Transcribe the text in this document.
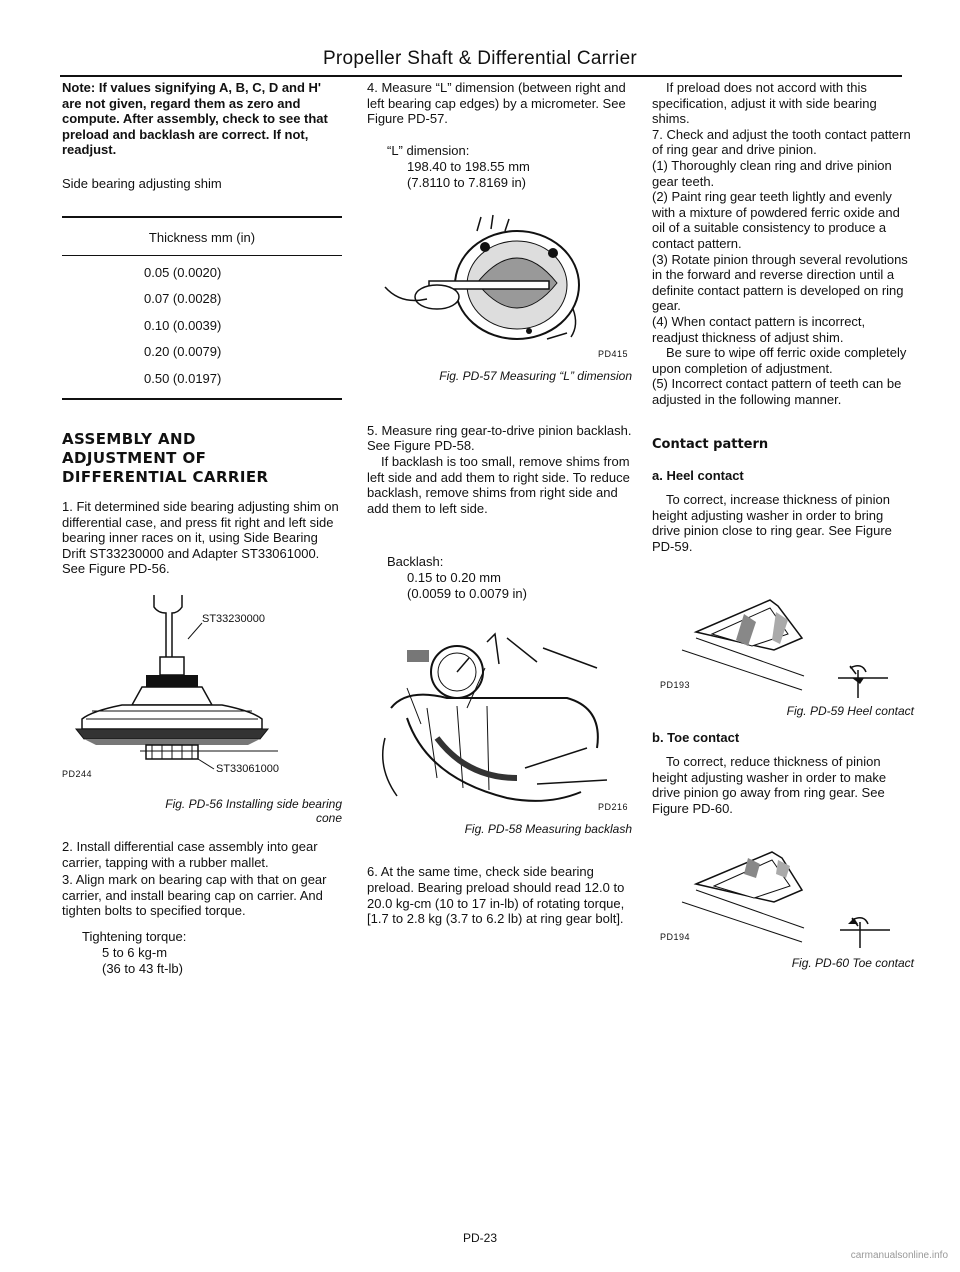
Propeller Shaft & Differential Carrier

Note: If values signifying A, B, C, D and H' are not given, regard them as zero and compute. After assembly, check to see that preload and backlash are correct. If not, readjust.

Side bearing adjusting shim

Thickness mm (in)
0.05 (0.0020)
0.07 (0.0028)
0.10 (0.0039)
0.20 (0.0079)
0.50 (0.0197)
ASSEMBLY AND
ADJUSTMENT OF
DIFFERENTIAL CARRIER

1. Fit determined side bearing adjusting shim on differential case, and press fit right and left side bearing inner races on it, using Side Bearing Drift ST33230000 and Adapter ST33061000. See Figure PD-56.

ST33230000
ST33061000
PD244
Fig. PD-56 Installing side bearing
cone

2. Install differential case assembly into gear carrier, tapping with a rubber mallet.

3. Align mark on bearing cap with that on gear carrier, and install bearing cap on carrier. And tighten bolts to specified torque.

Tightening torque:
5 to 6 kg-m
(36 to 43 ft-lb)

4. Measure “L” dimension (between right and left bearing cap edges) by a micrometer. See Figure PD-57.

“L” dimension:
198.40 to 198.55 mm
(7.8110 to 7.8169 in)
PD415
Fig. PD-57 Measuring “L” dimension

5. Measure ring gear-to-drive pinion backlash. See Figure PD-58.

If backlash is too small, remove shims from left side and add them to right side. To reduce backlash, remove shims from right side and add them to left side.

Backlash:
0.15 to 0.20 mm
(0.0059 to 0.0079 in)
PD216
Fig. PD-58 Measuring backlash

6. At the same time, check side bearing preload. Bearing preload should read 12.0 to 20.0 kg-cm (10 to 17 in-lb) of rotating torque, [1.7 to 2.8 kg (3.7 to 6.2 lb) at ring gear bolt].

If preload does not accord with this specification, adjust it with side bearing shims.

7. Check and adjust the tooth contact pattern of ring gear and drive pinion.

(1) Thoroughly clean ring and drive pinion gear teeth.

(2) Paint ring gear teeth lightly and evenly with a mixture of powdered ferric oxide and oil of a suitable consistency to produce a contact pattern.

(3) Rotate pinion through several revolutions in the forward and reverse direction until a definite contact pattern is developed on ring gear.

(4) When contact pattern is incorrect, readjust thickness of adjust shim.

Be sure to wipe off ferric oxide completely upon completion of adjustment.

(5) Incorrect contact pattern of teeth can be adjusted in the following manner.

Contact pattern

a. Heel contact

To correct, increase thickness of pinion height adjusting washer in order to bring drive pinion close to ring gear. See Figure PD-59.

PD193
Fig. PD-59 Heel contact

b. Toe contact

To correct, reduce thickness of pinion height adjusting washer in order to make drive pinion go away from ring gear. See Figure PD-60.

PD194
Fig. PD-60 Toe contact
PD-23
carmanualsonline.info
